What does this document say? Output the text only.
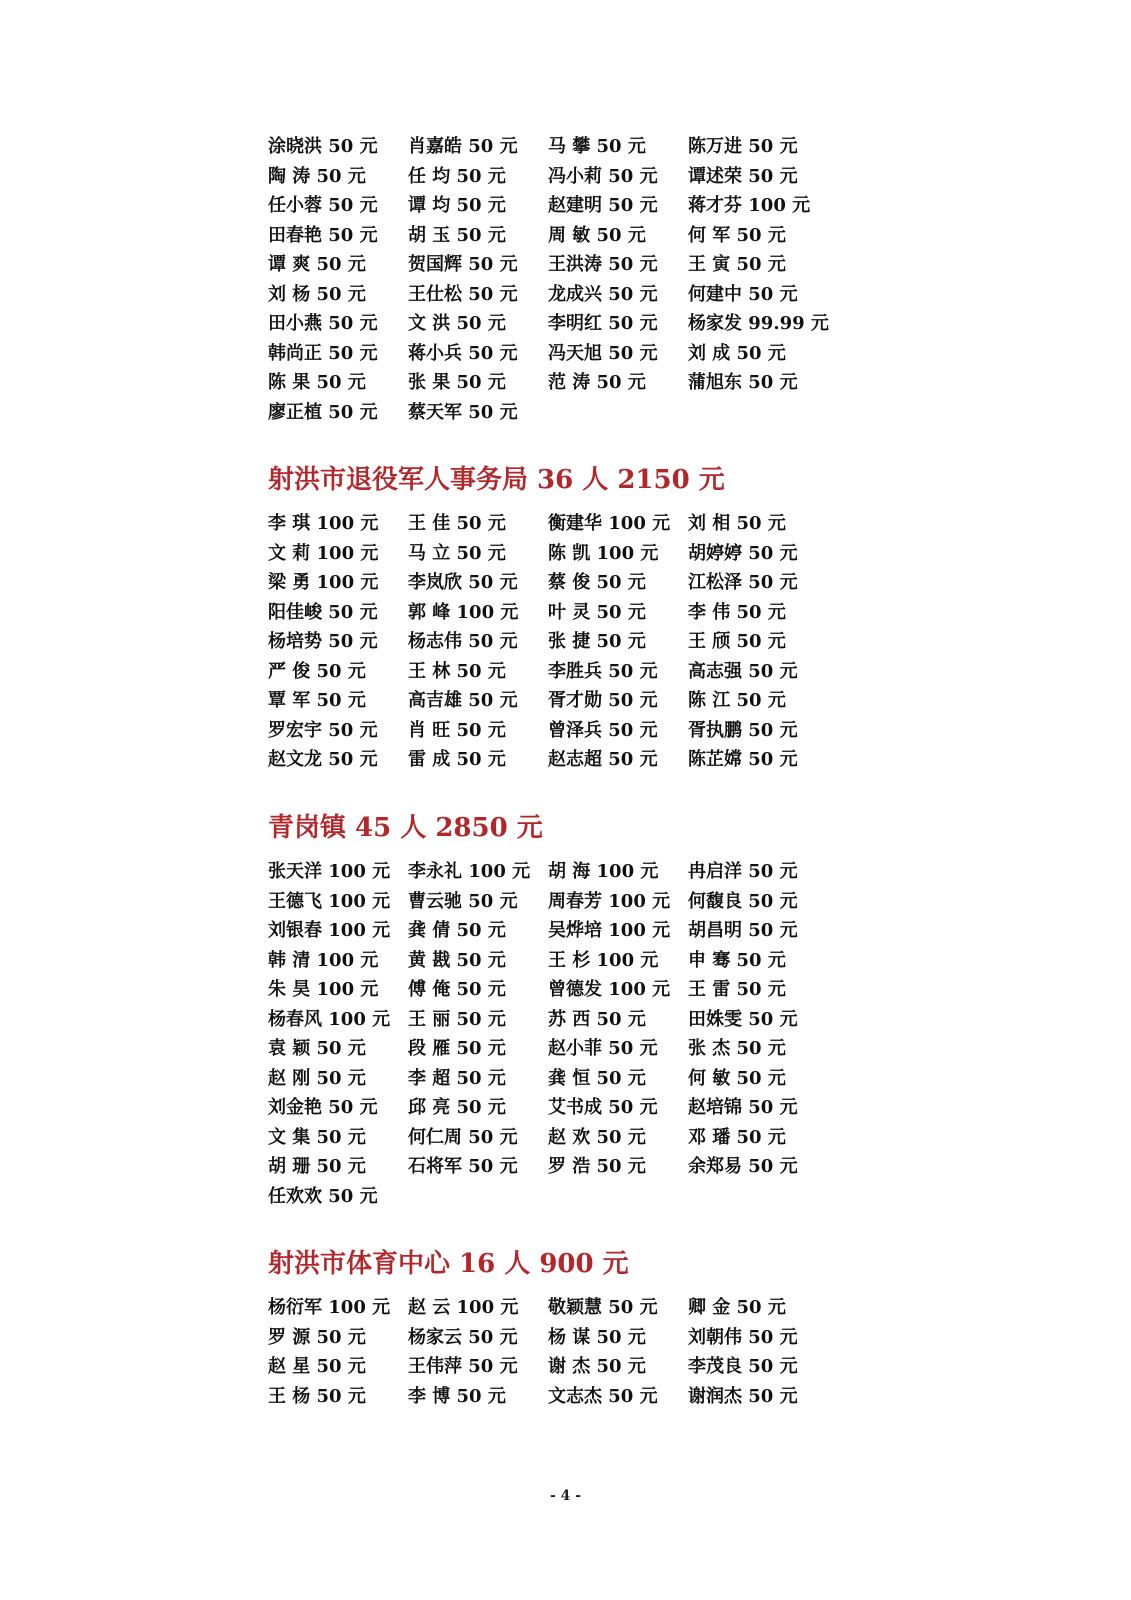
涂晓洪 50 元	肖嘉皓 50 元	马 攀 50 元	陈万进 50 元
陶 涛 50 元	任 均 50 元	冯小莉 50 元	谭述荣 50 元
任小蓉 50 元	谭 均 50 元	赵建明 50 元	蒋才芬 100 元
田春艳 50 元	胡 玉 50 元	周 敏 50 元	何 军 50 元
谭 爽 50 元	贺国辉 50 元	王洪涛 50 元	王 寅 50 元
刘 杨 50 元	王仕松 50 元	龙成兴 50 元	何建中 50 元
田小燕 50 元	文 洪 50 元	李明红 50 元	杨家发 99.99 元
韩尚正 50 元	蒋小兵 50 元	冯天旭 50 元	刘 成 50 元
陈 果 50 元	张 果 50 元	范 涛 50 元	蒲旭东 50 元
廖正植 50 元	蔡天军 50 元
射洪市退役军人事务局 36 人 2150 元
李 琪 100 元	王 佳 50 元	衡建华 100 元 刘 相 50 元
文 莉 100 元	马 立 50 元	陈 凯 100 元	胡婷婷 50 元
梁 勇 100 元	李岚欣 50 元	蔡 俊 50 元	江松泽 50 元
阳佳峻 50 元	郭 峰 100 元	叶 灵 50 元	李 伟 50 元
杨培势 50 元	杨志伟 50 元	张 捷 50 元	王 颀 50 元
严 俊 50 元	王 林 50 元	李胜兵 50 元	高志强 50 元
覃 军 50 元	高吉雄 50 元	胥才勋 50 元	陈 江 50 元
罗宏宇 50 元	肖 旺 50 元	曾泽兵 50 元	胥执鹏 50 元
赵文龙 50 元	雷 成 50 元	赵志超 50 元	陈芷嫦 50 元
青岗镇 45 人 2850 元
张天洋 100 元 李永礼 100 元 胡 海 100 元	冉启洋 50 元
王德飞 100 元 曹云驰 50 元	周春芳 100 元 何馥良 50 元
刘银春 100 元 龚 倩 50 元	吴烨培 100 元 胡昌明 50 元
韩 清 100 元	黄 戡 50 元	王 杉 100 元	申 骞 50 元
朱 昊 100 元	傅 俺 50 元	曾德发 100 元 王 雷 50 元
杨春风 100 元 王 丽 50 元	苏 西 50 元	田姝雯 50 元
袁 颖 50 元	段 雁 50 元	赵小菲 50 元	张 杰 50 元
赵 刚 50 元	李 超 50 元	龚 恒 50 元	何 敏 50 元
刘金艳 50 元	邱 亮 50 元	艾书成 50 元	赵培锦 50 元
文 集 50 元	何仁周 50 元	赵 欢 50 元	邓 璠 50 元
胡 珊 50 元	石将军 50 元	罗 浩 50 元	余郑易 50 元
任欢欢 50 元
射洪市体育中心 16 人 900 元
杨衍军 100 元 赵 云 100 元	敬颖慧 50 元	卿 金 50 元
罗 源 50 元	杨家云 50 元	杨 谋 50 元	刘朝伟 50 元
赵 星 50 元	王伟萍 50 元	谢 杰 50 元	李茂良 50 元
王 杨 50 元	李 博 50 元	文志杰 50 元	谢润杰 50 元
- 4 -
